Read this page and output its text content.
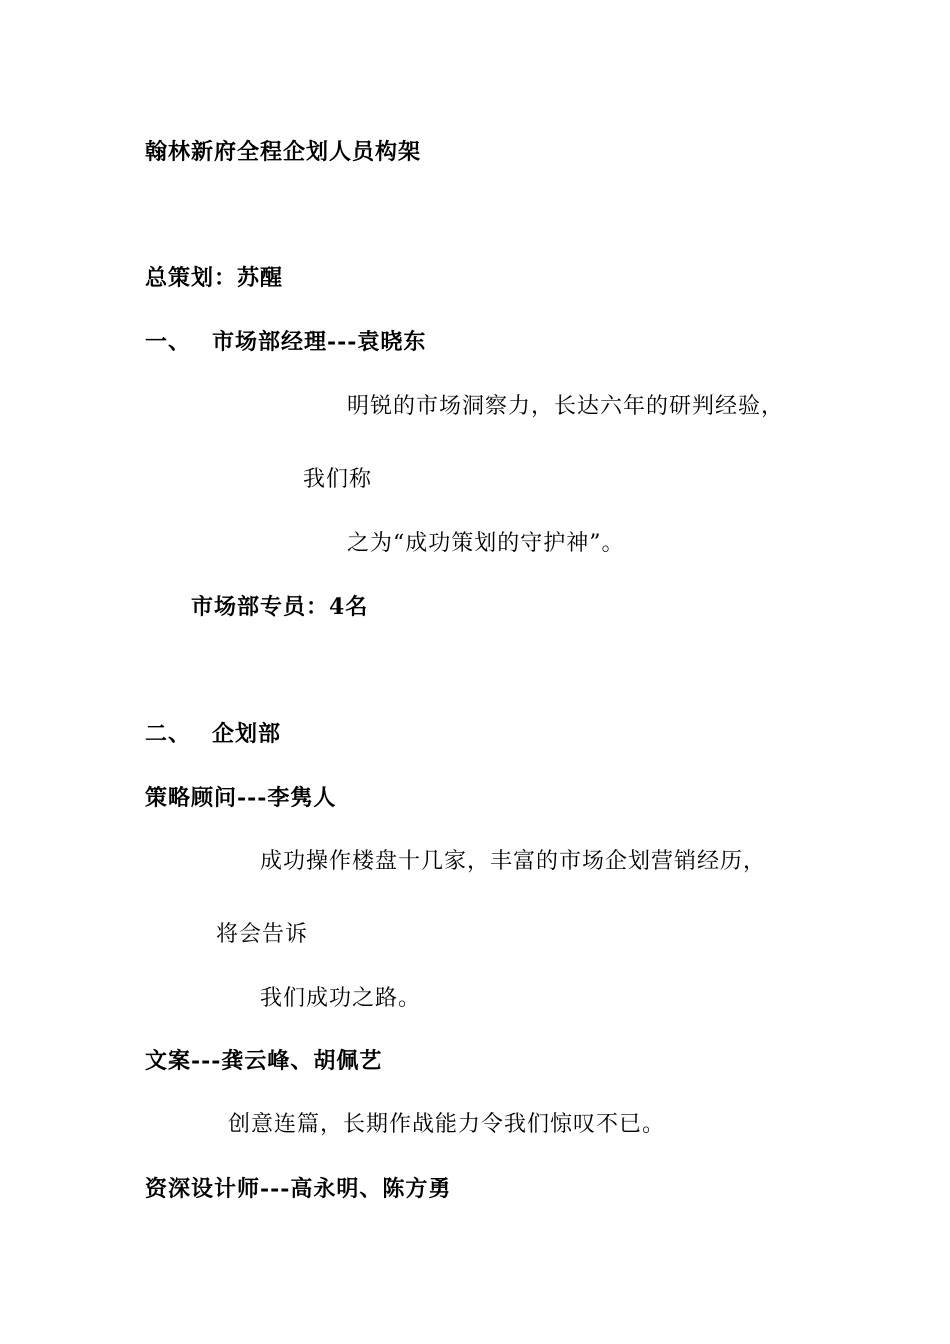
翰林新府全程企划人员构架
总策划：苏醒
一、 市场部经理---袁晓东
明锐的市场洞察力，长达六年的研判经验，
我们称
之为“成功策划的守护神”。
市场部专员：4名
二、 企划部
策略顾问---李隽人
成功操作楼盘十几家，丰富的市场企划营销经历，
将会告诉
我们成功之路。
文案---龚云峰、胡佩艺
创意连篇，长期作战能力令我们惊叹不已。
资深设计师---高永明、陈方勇
